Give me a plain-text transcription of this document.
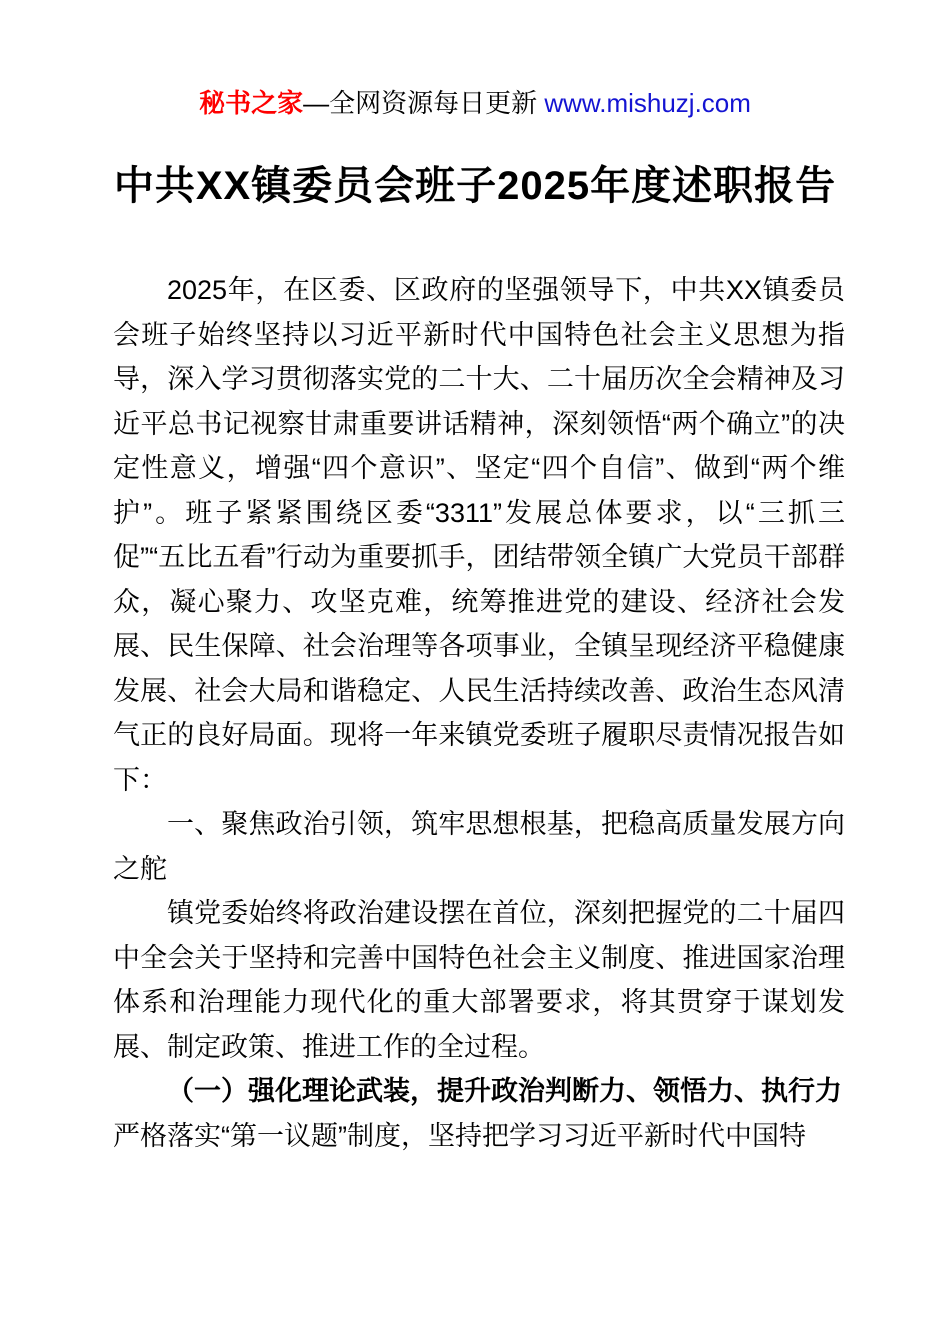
秘书之家—全网资源每日更新 www.mishuzj.com
中共XX镇委员会班子2025年度述职报告

2025年，在区委、区政府的坚强领导下，中共XX镇委员会班子始终坚持以习近平新时代中国特色社会主义思想为指导，深入学习贯彻落实党的二十大、二十届历次全会精神及习近平总书记视察甘肃重要讲话精神，深刻领悟“两个确立”的决定性意义，增强“四个意识”、坚定“四个自信”、做到“两个维护”。班子紧紧围绕区委“3311”发展总体要求，以“三抓三促”“五比五看”行动为重要抓手，团结带领全镇广大党员干部群众，凝心聚力、攻坚克难，统筹推进党的建设、经济社会发展、民生保障、社会治理等各项事业，全镇呈现经济平稳健康发展、社会大局和谐稳定、人民生活持续改善、政治生态风清气正的良好局面。现将一年来镇党委班子履职尽责情况报告如下：

一、聚焦政治引领，筑牢思想根基，把稳高质量发展方向之舵

镇党委始终将政治建设摆在首位，深刻把握党的二十届四中全会关于坚持和完善中国特色社会主义制度、推进国家治理体系和治理能力现代化的重大部署要求，将其贯穿于谋划发展、制定政策、推进工作的全过程。

（一）强化理论武装，提升政治判断力、领悟力、执行力

严格落实“第一议题”制度，坚持把学习习近平新时代中国特
